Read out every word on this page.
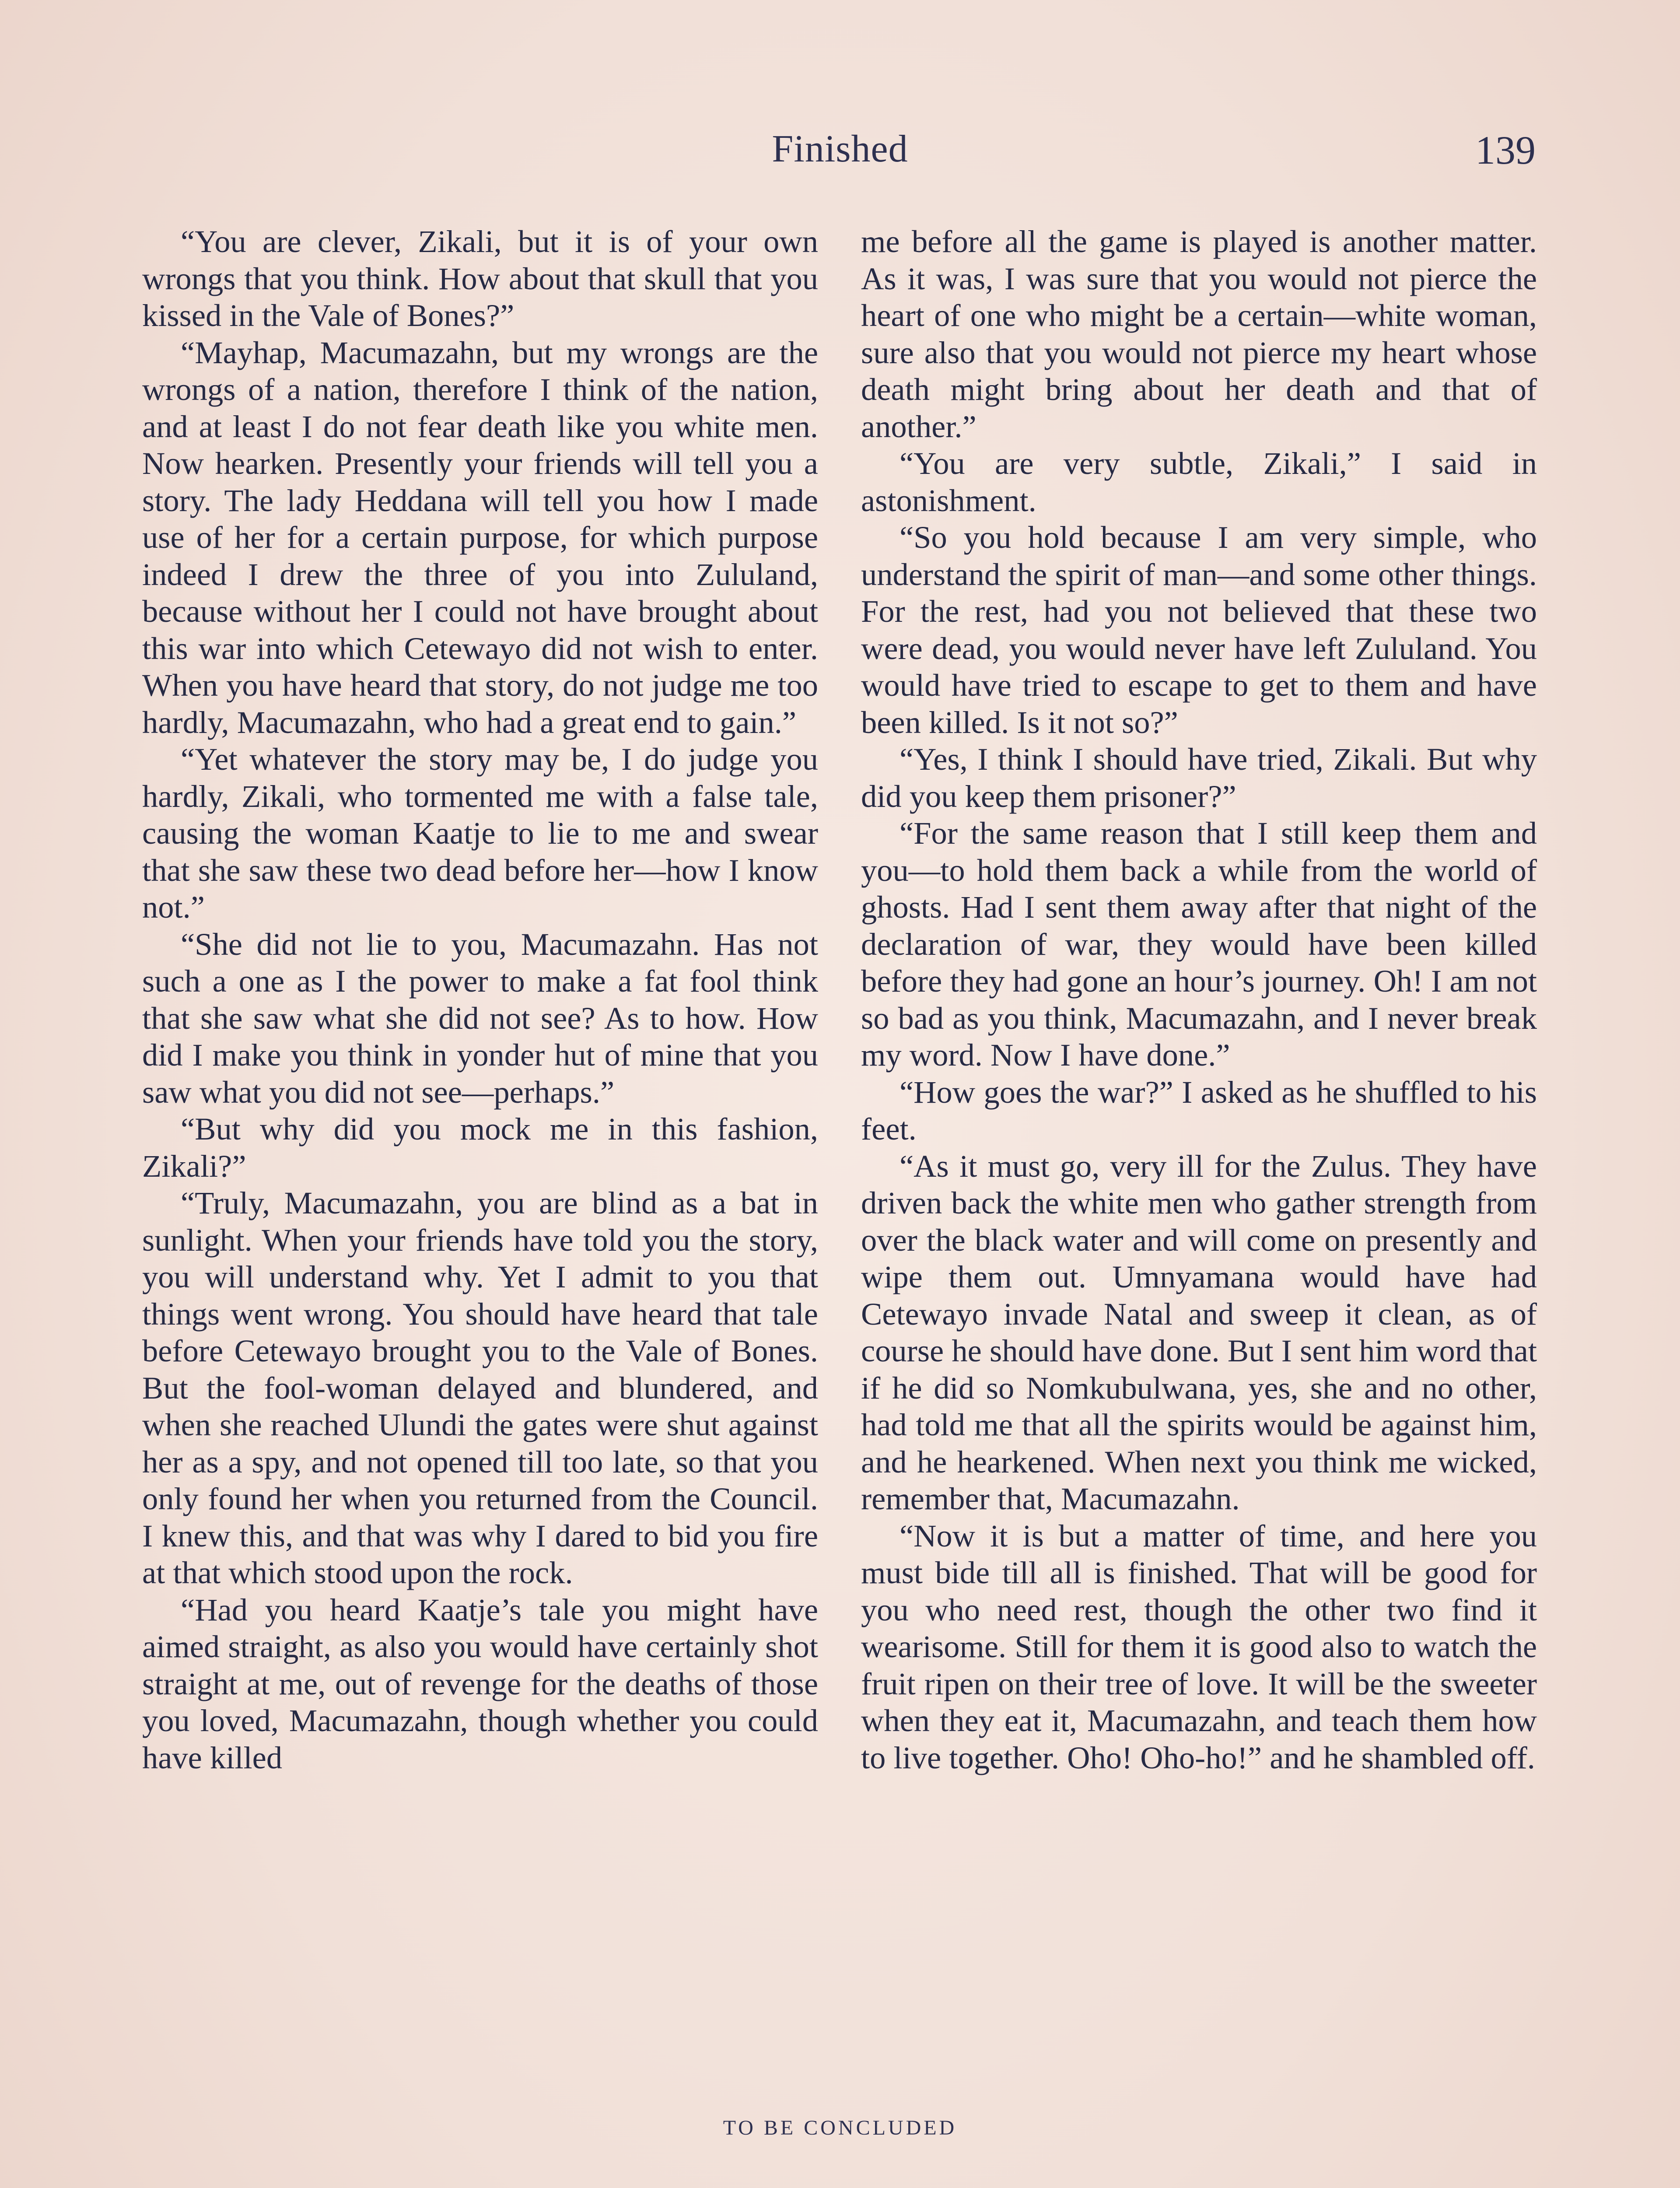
Finished	139

“You are clever, Zikali, but it is of your own wrongs that you think. How about that skull that you kissed in the Vale of Bones?”

“Mayhap, Macumazahn, but my wrongs are the wrongs of a nation, therefore I think of the nation, and at least I do not fear death like you white men. Now hearken. Presently your friends will tell you a story. The lady Heddana will tell you how I made use of her for a certain purpose, for which purpose indeed I drew the three of you into Zululand, because without her I could not have brought about this war into which Cetewayo did not wish to enter. When you have heard that story, do not judge me too hardly, Macumazahn, who had a great end to gain.”

“Yet whatever the story may be, I do judge you hardly, Zikali, who tormented me with a false tale, causing the woman Kaatje to lie to me and swear that she saw these two dead before her—how I know not.”

“She did not lie to you, Macumazahn. Has not such a one as I the power to make a fat fool think that she saw what she did not see? As to how. How did I make you think in yonder hut of mine that you saw what you did not see—perhaps.”

“But why did you mock me in this fashion, Zikali?”

“Truly, Macumazahn, you are blind as a bat in sunlight. When your friends have told you the story, you will understand why. Yet I admit to you that things went wrong. You should have heard that tale before Cetewayo brought you to the Vale of Bones. But the fool-woman delayed and blundered, and when she reached Ulundi the gates were shut against her as a spy, and not opened till too late, so that you only found her when you returned from the Council. I knew this, and that was why I dared to bid you fire at that which stood upon the rock.

“Had you heard Kaatje’s tale you might have aimed straight, as also you would have certainly shot straight at me, out of revenge for the deaths of those you loved, Macumazahn, though whether you could have killed

me before all the game is played is another matter. As it was, I was sure that you would not pierce the heart of one who might be a certain—white woman, sure also that you would not pierce my heart whose death might bring about her death and that of another.”

“You are very subtle, Zikali,” I said in astonishment.

“So you hold because I am very simple, who understand the spirit of man—and some other things. For the rest, had you not believed that these two were dead, you would never have left Zululand. You would have tried to escape to get to them and have been killed. Is it not so?”

“Yes, I think I should have tried, Zikali. But why did you keep them prisoner?”

“For the same reason that I still keep them and you—to hold them back a while from the world of ghosts. Had I sent them away after that night of the declaration of war, they would have been killed before they had gone an hour’s journey. Oh! I am not so bad as you think, Macumazahn, and I never break my word. Now I have done.”

“How goes the war?” I asked as he shuffled to his feet.

“As it must go, very ill for the Zulus. They have driven back the white men who gather strength from over the black water and will come on presently and wipe them out. Umnyamana would have had Cetewayo invade Natal and sweep it clean, as of course he should have done. But I sent him word that if he did so Nomkubulwana, yes, she and no other, had told me that all the spirits would be against him, and he hearkened. When next you think me wicked, remember that, Macumazahn.

“Now it is but a matter of time, and here you must bide till all is finished. That will be good for you who need rest, though the other two find it wearisome. Still for them it is good also to watch the fruit ripen on their tree of love. It will be the sweeter when they eat it, Macumazahn, and teach them how to live together. Oho! Oho-ho!” and he shambled off.

TO BE CONCLUDED
